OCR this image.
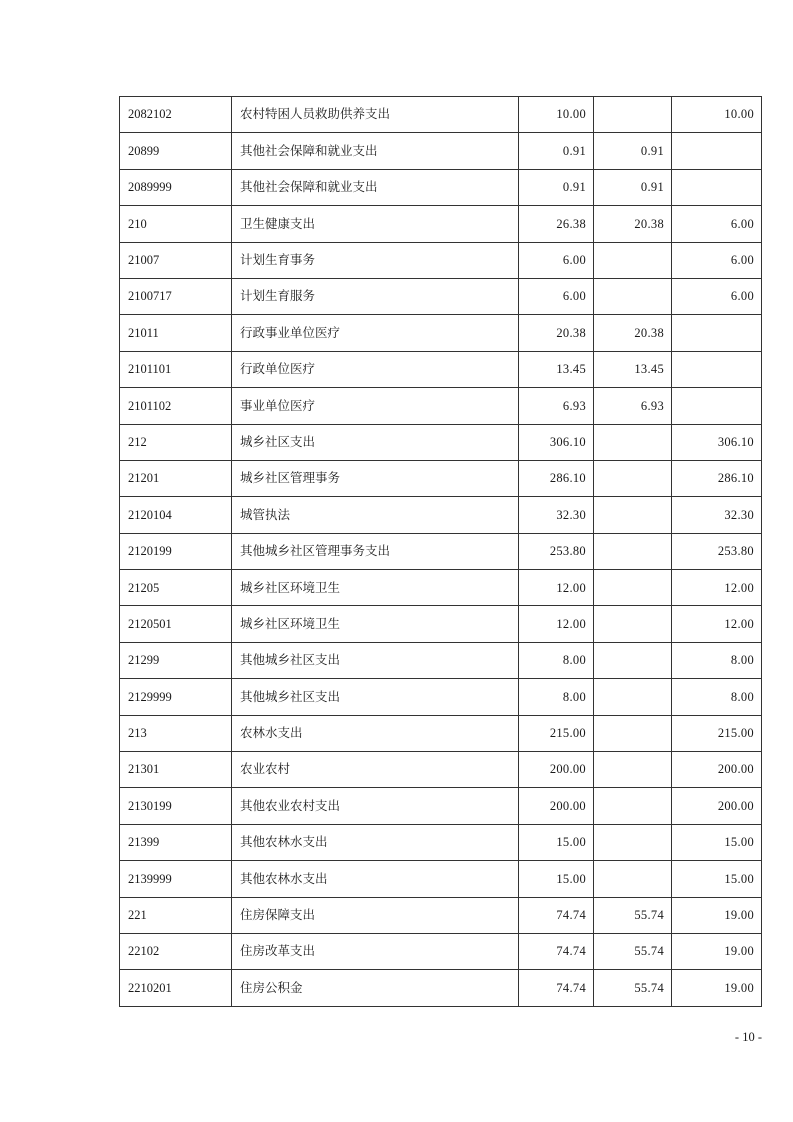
2082102	农村特困人员救助供养支出	10.00		10.00
20899	其他社会保障和就业支出	0.91	0.91	
2089999	其他社会保障和就业支出	0.91	0.91	
210	卫生健康支出	26.38	20.38	6.00
21007	计划生育事务	6.00		6.00
2100717	计划生育服务	6.00		6.00
21011	行政事业单位医疗	20.38	20.38	
2101101	行政单位医疗	13.45	13.45	
2101102	事业单位医疗	6.93	6.93	
212	城乡社区支出	306.10		306.10
21201	城乡社区管理事务	286.10		286.10
2120104	城管执法	32.30		32.30
2120199	其他城乡社区管理事务支出	253.80		253.80
21205	城乡社区环境卫生	12.00		12.00
2120501	城乡社区环境卫生	12.00		12.00
21299	其他城乡社区支出	8.00		8.00
2129999	其他城乡社区支出	8.00		8.00
213	农林水支出	215.00		215.00
21301	农业农村	200.00		200.00
2130199	其他农业农村支出	200.00		200.00
21399	其他农林水支出	15.00		15.00
2139999	其他农林水支出	15.00		15.00
221	住房保障支出	74.74	55.74	19.00
22102	住房改革支出	74.74	55.74	19.00
2210201	住房公积金	74.74	55.74	19.00
- 10 -
